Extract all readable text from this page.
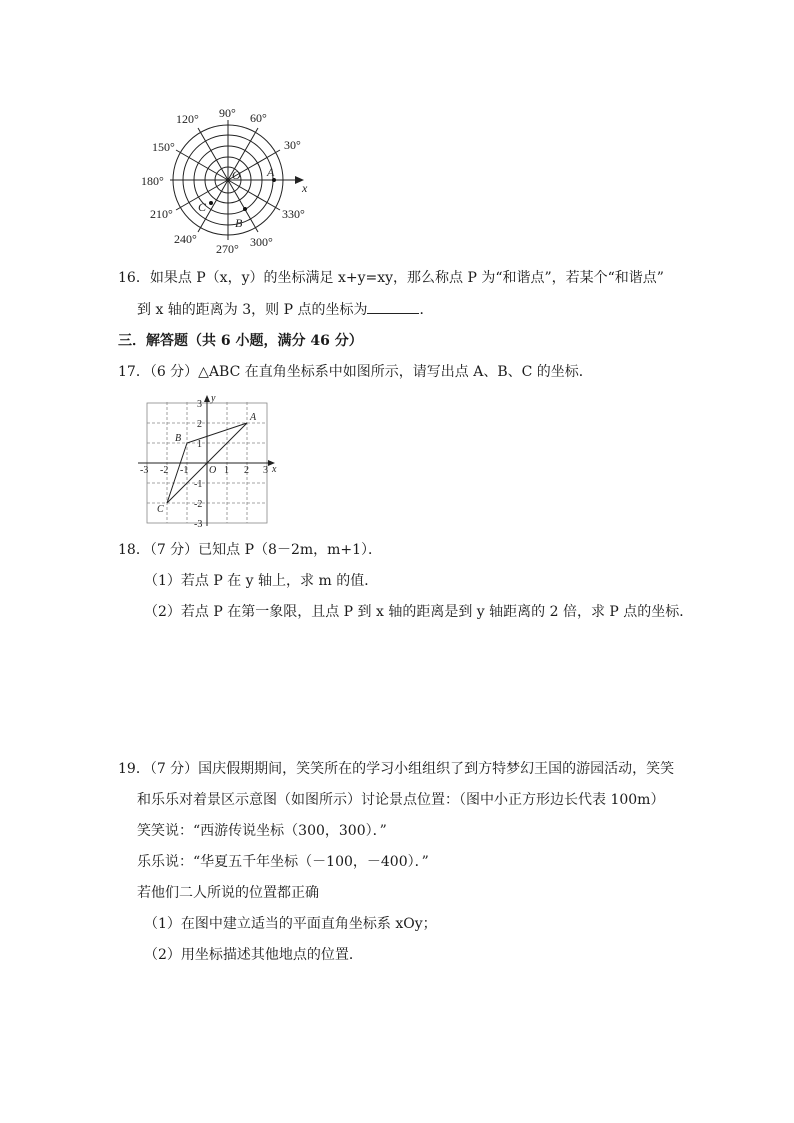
90° 60°
120°
30°
150°
180°
210°	330°
240°	300°
270°
x
O A
B
C
16．如果点 P（x，y）的坐标满足 x+y=xy，那么称点 P 为“和谐点”，若某个“和谐点”
到 x 轴的距离为 3，则 P 点的坐标为	．
三．解答题（共 6 小题，满分 46 分）
17．（6 分）△ABC 在直角坐标系中如图所示，请写出点 A、B、C 的坐标．
-3 -2 -1	1 2 3
3
2
1
-1
-2
-3
x
y
O
A
B
C
18．（7 分）已知点 P（8－2m，m+1）．
（1）若点 P 在 y 轴上，求 m 的值．
（2）若点 P 在第一象限，且点 P 到 x 轴的距离是到 y 轴距离的 2 倍，求 P 点的坐标．
19．（7 分）国庆假期期间，笑笑所在的学习小组组织了到方特梦幻王国的游园活动，笑笑
和乐乐对着景区示意图（如图所示）讨论景点位置：（图中小正方形边长代表 100m）
笑笑说：“西游传说坐标（300，300）．”
乐乐说：“华夏五千年坐标（－100，－400）．”
若他们二人所说的位置都正确
（1）在图中建立适当的平面直角坐标系 xOy；
（2）用坐标描述其他地点的位置．
